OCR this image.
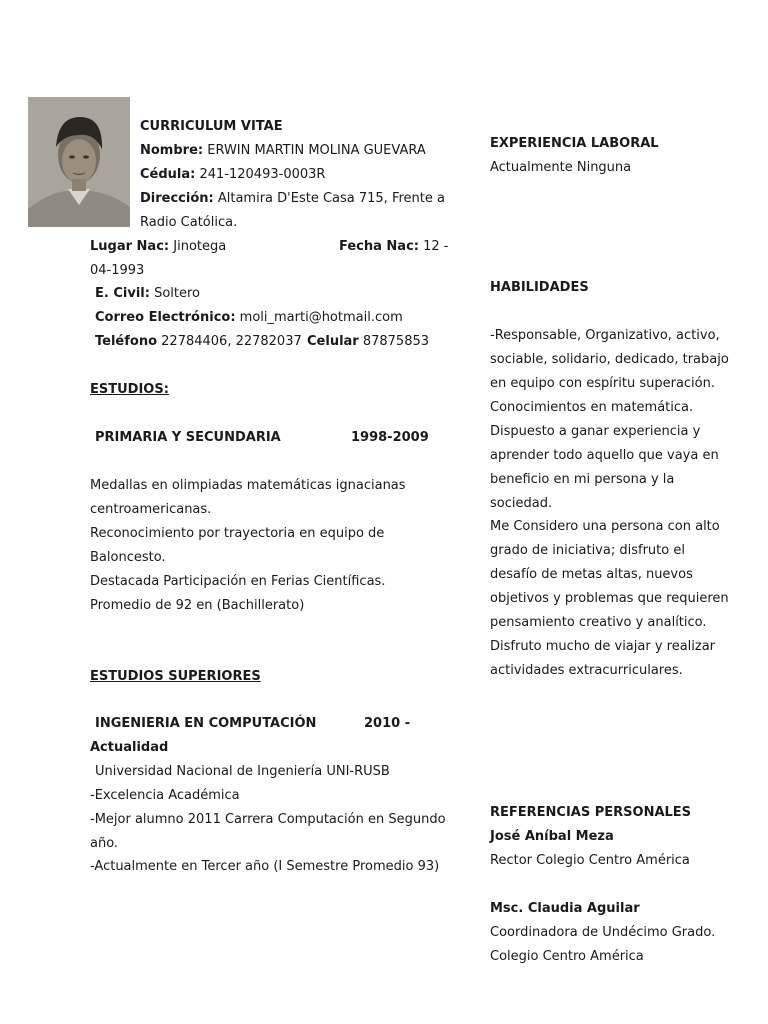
CURRICULUM VITAE
Nombre: ERWIN MARTIN MOLINA GUEVARA
Cédula: 241-120493-0003R
Dirección: Altamira D'Este Casa 715, Frente a
Radio Católica.
Lugar Nac: Jinotega	Fecha Nac: 12 -
04-1993
E. Civil: Soltero
Correo Electrónico: moli_marti@hotmail.com
Teléfono 22784406, 22782037 Celular 87875853
ESTUDIOS:
PRIMARIA Y SECUNDARIA	1998-2009
Medallas en olimpiadas matemáticas ignacianas
centroamericanas.
Reconocimiento por trayectoria en equipo de
Baloncesto.
Destacada Participación en Ferias Científicas.
Promedio de 92 en (Bachillerato)
ESTUDIOS SUPERIORES
INGENIERIA EN COMPUTACIÓN	2010 -
Actualidad
Universidad Nacional de Ingeniería UNI-RUSB
-Excelencia Académica
-Mejor alumno 2011 Carrera Computación en Segundo
año.
-Actualmente en Tercer año (I Semestre Promedio 93)
EXPERIENCIA LABORAL
Actualmente Ninguna
HABILIDADES
-Responsable, Organizativo, activo,
sociable, solidario, dedicado, trabajo
en equipo con espíritu superación.
Conocimientos en matemática.
Dispuesto a ganar experiencia y
aprender todo aquello que vaya en
beneficio en mi persona y la
sociedad.
Me Considero una persona con alto
grado de iniciativa; disfruto el
desafío de metas altas, nuevos
objetivos y problemas que requieren
pensamiento creativo y analítico.
Disfruto mucho de viajar y realizar
actividades extracurriculares.
REFERENCIAS PERSONALES
José Aníbal Meza
Rector Colegio Centro América
Msc. Claudia Aguilar
Coordinadora de Undécimo Grado.
Colegio Centro América
